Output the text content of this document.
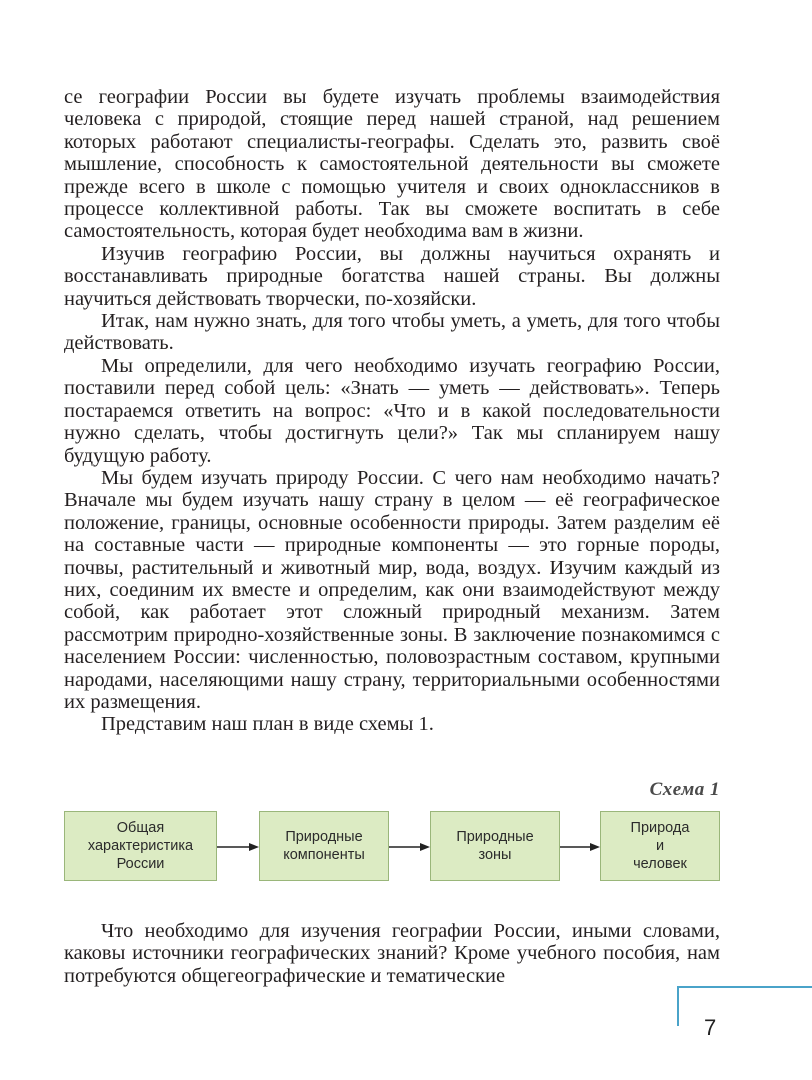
се географии России вы будете изучать проблемы взаимодействия человека с природой, стоящие перед нашей страной, над решением которых работают специалисты-географы. Сделать это, развить своё мышление, способность к самостоятельной деятельности вы сможете прежде всего в школе с помощью учителя и своих одноклассников в процессе коллективной работы. Так вы сможете воспитать в себе самостоятельность, которая будет необходима вам в жизни.

Изучив географию России, вы должны научиться охранять и восстанавливать природные богатства нашей страны. Вы должны научиться действовать творчески, по-хозяйски.

Итак, нам нужно знать, для того чтобы уметь, а уметь, для того чтобы действовать.

Мы определили, для чего необходимо изучать географию России, поставили перед собой цель: «Знать — уметь — действовать». Теперь постараемся ответить на вопрос: «Что и в какой последовательности нужно сделать, чтобы достигнуть цели?» Так мы спланируем нашу будущую работу.

Мы будем изучать природу России. С чего нам необходимо начать? Вначале мы будем изучать нашу страну в целом — её географическое положение, границы, основные особенности природы. Затем разделим её на составные части — природные компоненты — это горные породы, почвы, растительный и животный мир, вода, воздух. Изучим каждый из них, соединим их вместе и определим, как они взаимодействуют между собой, как работает этот сложный природный механизм. Затем рассмотрим природно-хозяйственные зоны. В заключение познакомимся с населением России: численностью, половозрастным составом, крупными народами, населяющими нашу страну, территориальными особенностями их размещения.

Представим наш план в виде схемы 1.

Схема 1
Общая
характеристика
России
Природные
компоненты
Природные
зоны
Природа
и
человек

Что необходимо для изучения географии России, иными словами, каковы источники географических знаний? Кроме учебного пособия, нам потребуются общегеографические и тематические

7
